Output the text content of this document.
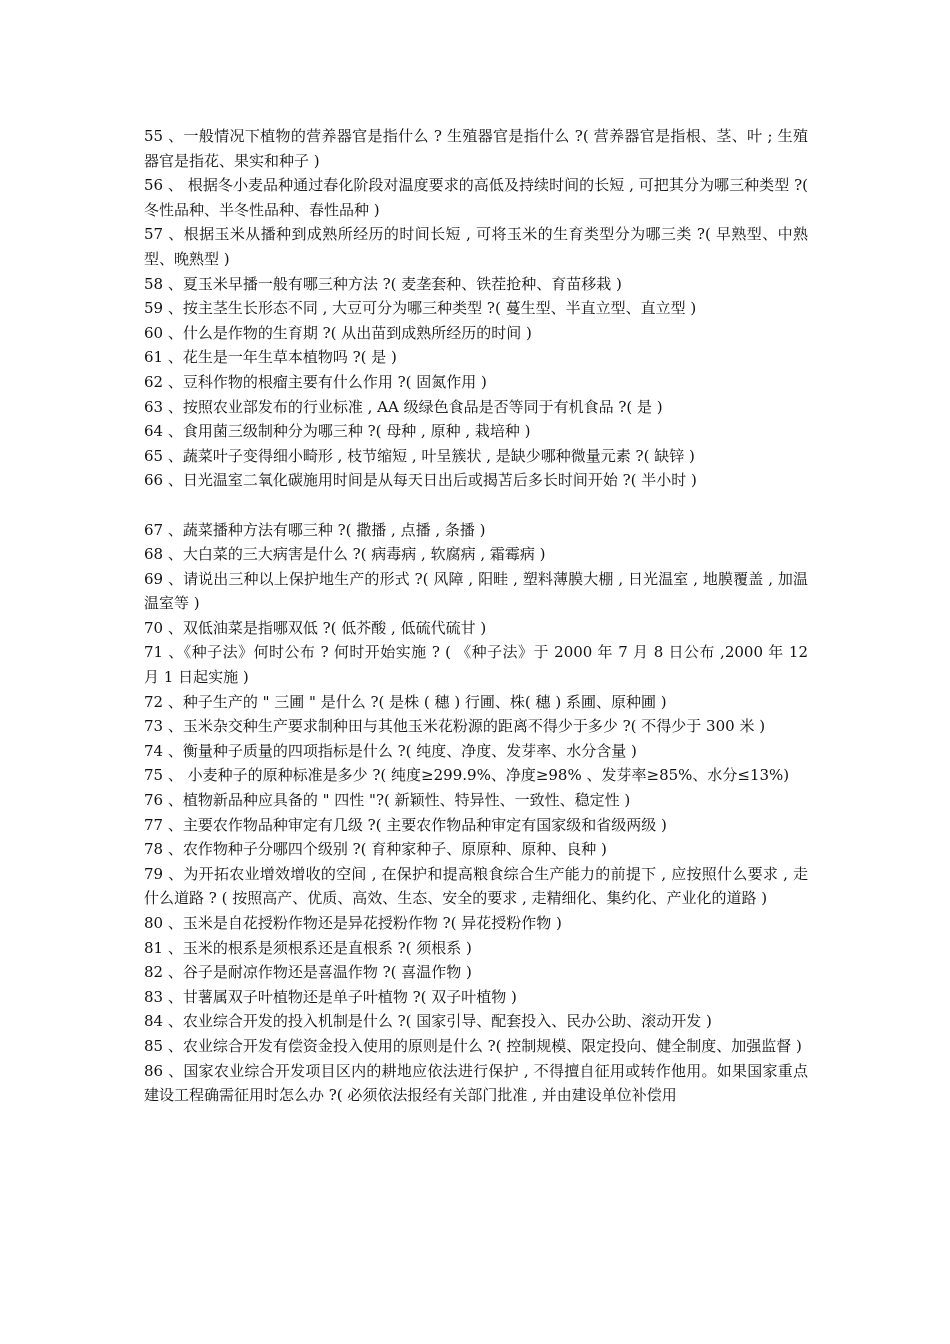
55 、一般情况下植物的营养器官是指什么 ? 生殖器官是指什么 ?( 营养器官是指根、茎、叶 ; 生殖器官是指花、果实和种子 )

56 、 根据冬小麦品种通过春化阶段对温度要求的高低及持续时间的长短 , 可把其分为哪三种类型 ?( 冬性品种、半冬性品种、春性品种 )

57 、根据玉米从播种到成熟所经历的时间长短 , 可将玉米的生育类型分为哪三类 ?( 早熟型、中熟型、晚熟型 )

58 、夏玉米早播一般有哪三种方法 ?( 麦垄套种、铁茬抢种、育苗移栽 )

59 、按主茎生长形态不同 , 大豆可分为哪三种类型 ?( 蔓生型、半直立型、直立型 )

60 、什么是作物的生育期 ?( 从出苗到成熟所经历的时间 )

61 、花生是一年生草本植物吗 ?( 是 )

62 、豆科作物的根瘤主要有什么作用 ?( 固氮作用 )

63 、按照农业部发布的行业标准 , AA 级绿色食品是否等同于有机食品 ?( 是 )

64 、食用菌三级制种分为哪三种 ?( 母种 , 原种 , 栽培种 )

65 、蔬菜叶子变得细小畸形 , 枝节缩短 , 叶呈簇状 , 是缺少哪种微量元素 ?( 缺锌 )

66 、日光温室二氧化碳施用时间是从每天日出后或揭苫后多长时间开始 ?( 半小时 )

67 、蔬菜播种方法有哪三种 ?( 撒播 , 点播 , 条播 )

68 、大白菜的三大病害是什么 ?( 病毒病 , 软腐病 , 霜霉病 )

69 、请说出三种以上保护地生产的形式 ?( 风障 , 阳畦 , 塑料薄膜大棚 , 日光温室 , 地膜覆盖 , 加温温室等 )

70 、双低油菜是指哪双低 ?( 低芥酸 , 低硫代硫甘 )

71 、《种子法》何时公布 ? 何时开始实施 ? ( 《种子法》于 2000 年 7 月 8 日公布 ,2000 年 12 月 1 日起实施 )

72 、种子生产的 " 三圃 " 是什么 ?( 是株 ( 穗 ) 行圃、株( 穗 ) 系圃、原种圃 )

73 、玉米杂交种生产要求制种田与其他玉米花粉源的距离不得少于多少 ?( 不得少于 300 米 )

74 、衡量种子质量的四项指标是什么 ?( 纯度、净度、发芽率、水分含量 )

75 、 小麦种子的原种标准是多少 ?( 纯度≥299.9%、净度≥98% 、发芽率≥85%、水分≤13%)

76 、植物新品种应具备的 " 四性 "?( 新颖性、特异性、一致性、稳定性 )

77 、主要农作物品种审定有几级 ?( 主要农作物品种审定有国家级和省级两级 )

78 、农作物种子分哪四个级别 ?( 育种家种子、原原种、原种、良种 )

79 、为开拓农业增效增收的空间 , 在保护和提高粮食综合生产能力的前提下 , 应按照什么要求 , 走什么道路 ? ( 按照高产、优质、高效、生态、安全的要求 , 走精细化、集约化、产业化的道路 )

80 、玉米是自花授粉作物还是异花授粉作物 ?( 异花授粉作物 )

81 、玉米的根系是须根系还是直根系 ?( 须根系 )

82 、谷子是耐凉作物还是喜温作物 ?( 喜温作物 )

83 、甘薯属双子叶植物还是单子叶植物 ?( 双子叶植物 )

84 、农业综合开发的投入机制是什么 ?( 国家引导、配套投入、民办公助、滚动开发 )

85 、农业综合开发有偿资金投入使用的原则是什么 ?( 控制规模、限定投向、健全制度、加强监督 )

86 、国家农业综合开发项目区内的耕地应依法进行保护 , 不得擅自征用或转作他用。如果国家重点建设工程确需征用时怎么办 ?( 必须依法报经有关部门批准 , 并由建设单位补偿用
